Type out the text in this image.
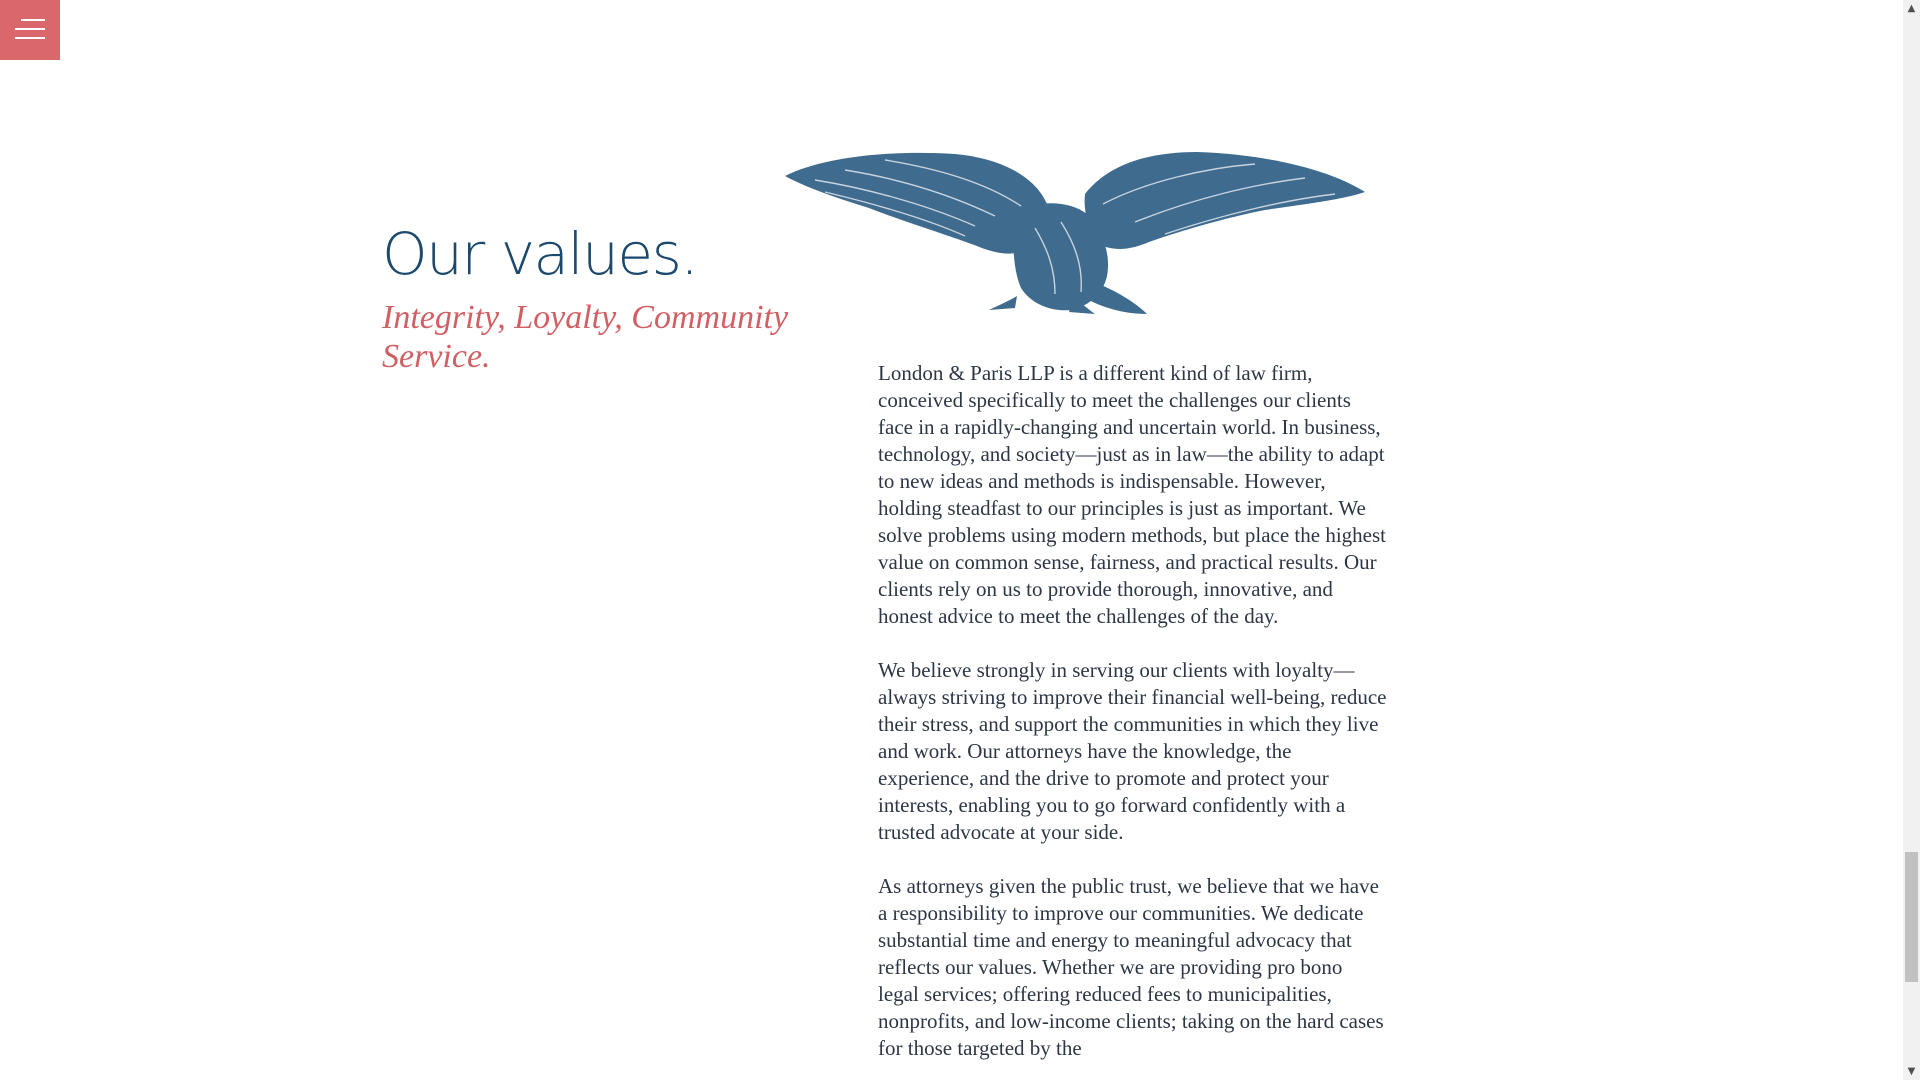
Our values.
Integrity, Loyalty, Community Service.	London & Paris LLP is a different kind of law firm, conceived specifically to meet the challenges our clients face in a rapidly-changing and uncertain world. In business, technology, and society—just as in law—the ability to adapt to new ideas and methods is indispensable. However, holding steadfast to our principles is just as important. We solve problems using modern methods, but place the highest value on common sense, fairness, and practical results. Our clients rely on us to provide thorough, innovative, and honest advice to meet the challenges of the day.

We believe strongly in serving our clients with loyalty—always striving to improve their financial well-being, reduce their stress, and support the communities in which they live and work. Our attorneys have the knowledge, the experience, and the drive to promote and protect your interests, enabling you to go forward confidently with a trusted advocate at your side.

As attorneys given the public trust, we believe that we have a responsibility to improve our communities. We dedicate substantial time and energy to meaningful advocacy that reflects our values. Whether we are providing pro bono legal services; offering reduced fees to municipalities, nonprofits, and low-income clients; taking on the hard cases for those targeted by the

▲
▼
